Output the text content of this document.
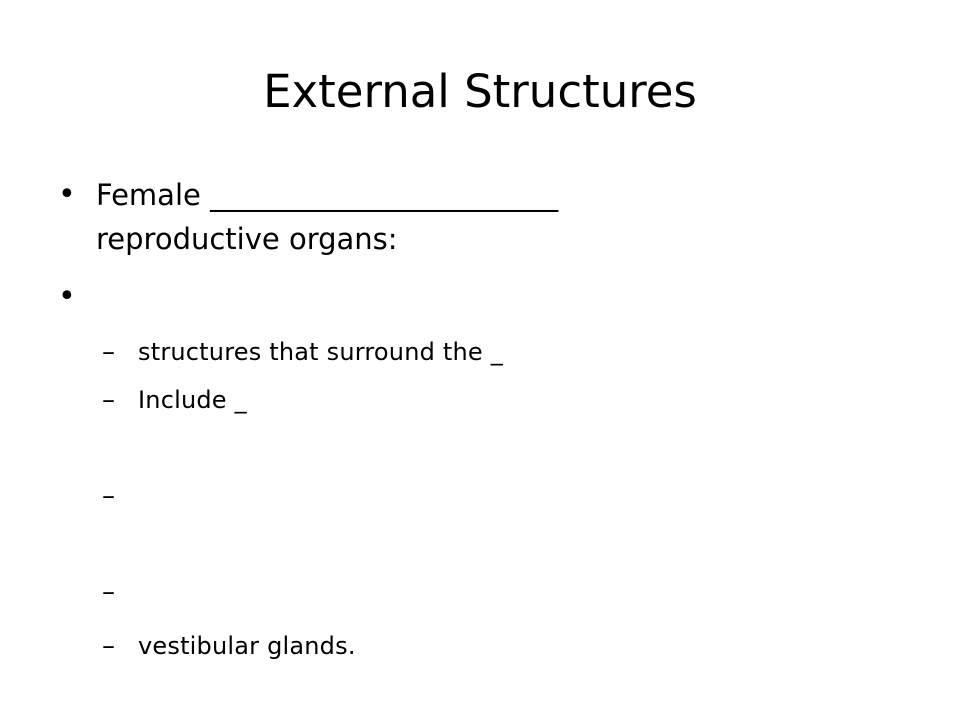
External Structures
• Female ________________________
reproductive organs:
•
– structures that surround the _
– Include _
–
–
– vestibular glands.
